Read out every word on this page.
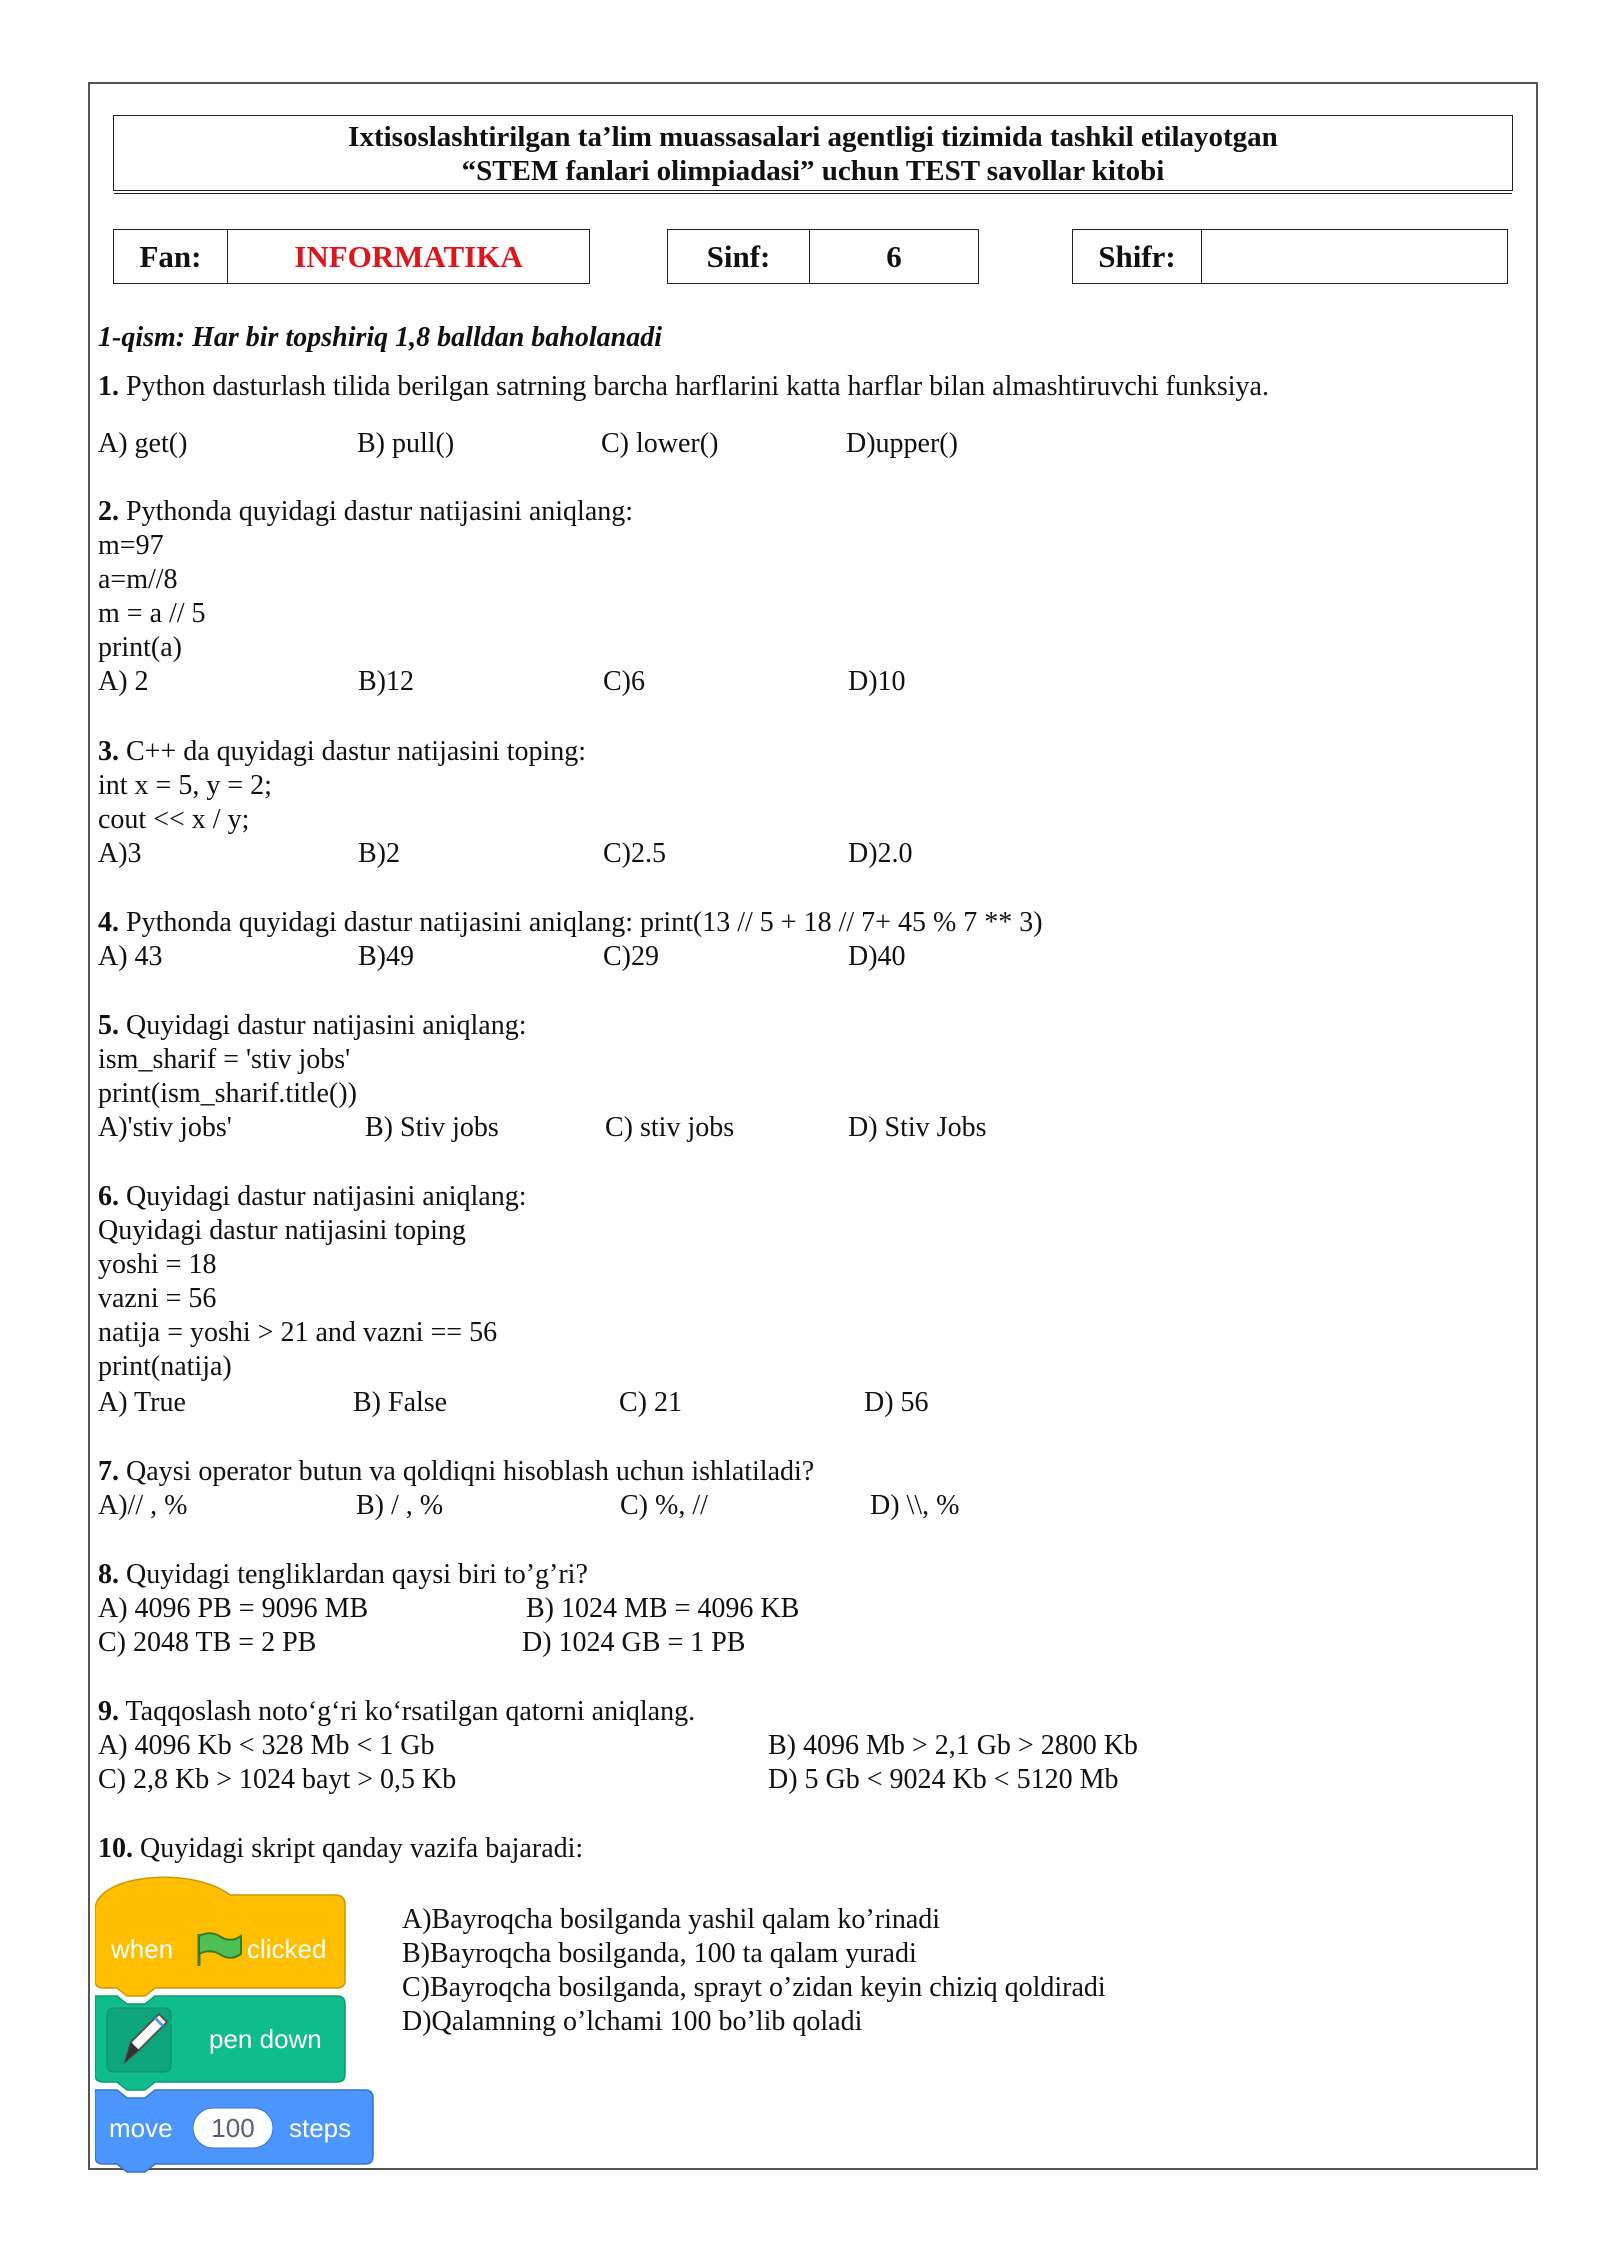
Ixtisoslashtirilgan ta’lim muassasalari agentligi tizimida tashkil etilayotgan
“STEM fanlari olimpiadasi” uchun TEST savollar kitobi
Fan:	INFORMATIKA	Sinf:	6	Shifr:
1-qism: Har bir topshiriq 1,8 balldan baholanadi
1. Python dasturlash tilida berilgan satrning barcha harflarini katta harflar bilan almashtiruvchi funksiya.
A) get()	B) pull()	C) lower()	D)upper()
2. Pythonda quyidagi dastur natijasini aniqlang:
m=97
a=m//8
m = a // 5
print(a)
A) 2	B)12	C)6	D)10
3. C++ da quyidagi dastur natijasini toping:
int x = 5, y = 2;
cout << x / y;
A)3	B)2	C)2.5	D)2.0
4. Pythonda quyidagi dastur natijasini aniqlang: print(13 // 5 + 18 // 7+ 45 % 7 ** 3)
A) 43	B)49	C)29	D)40
5. Quyidagi dastur natijasini aniqlang:
ism_sharif = 'stiv jobs'
print(ism_sharif.title())
A)'stiv jobs'	B) Stiv jobs	C) stiv jobs	D) Stiv Jobs
6. Quyidagi dastur natijasini aniqlang:
Quyidagi dastur natijasini toping
yoshi = 18
vazni = 56
natija = yoshi > 21 and vazni == 56
print(natija)
A) True	B) False	C) 21	D) 56
7. Qaysi operator butun va qoldiqni hisoblash uchun ishlatiladi?
A)// , %	B) / , %	C) %, //	D) \\, %
8. Quyidagi tengliklardan qaysi biri to’g’ri?
A) 4096 PB = 9096 MB	B) 1024 MB = 4096 KB
C) 2048 TB = 2 PB	D) 1024 GB = 1 PB
9. Taqqoslash noto‘g‘ri ko‘rsatilgan qatorni aniqlang.
A) 4096 Kb < 328 Mb < 1 Gb	B) 4096 Mb > 2,1 Gb > 2800 Kb
C) 2,8 Kb > 1024 bayt > 0,5 Kb	D) 5 Gb < 9024 Kb < 5120 Mb
10. Quyidagi skript qanday vazifa bajaradi:
A)Bayroqcha bosilganda yashil qalam ko’rinadi
B)Bayroqcha bosilganda, 100 ta qalam yuradi
C)Bayroqcha bosilganda, sprayt o’zidan keyin chiziq qoldiradi
D)Qalamning o’lchami 100 bo’lib qoladi
when	clicked
pen down
move 100 steps
